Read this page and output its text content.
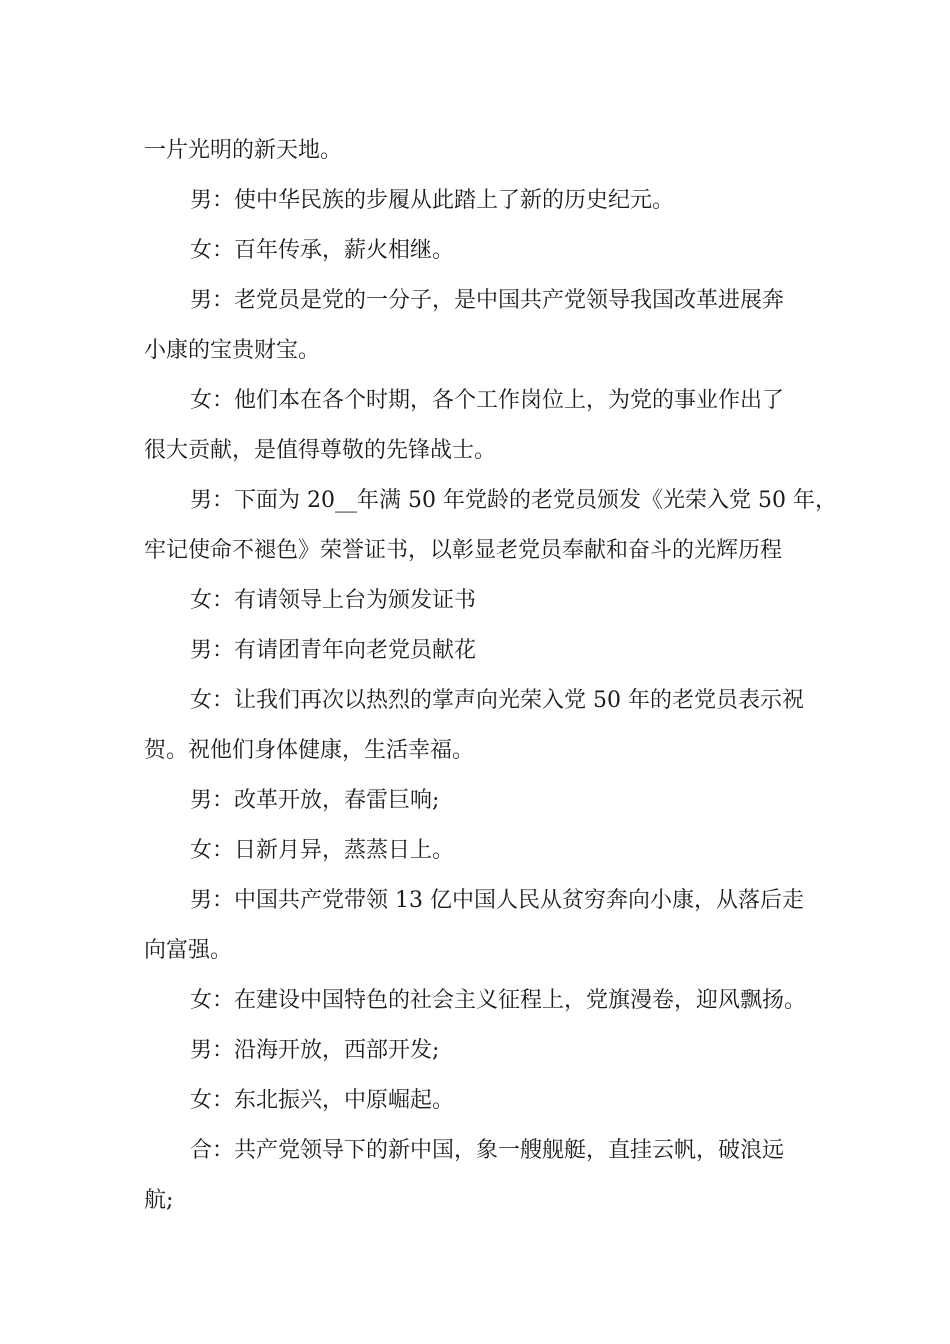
一片光明的新天地。

男：使中华民族的步履从此踏上了新的历史纪元。

女：百年传承，薪火相继。

男：老党员是党的一分子，是中国共产党领导我国改革进展奔
小康的宝贵财宝。

女：他们本在各个时期，各个工作岗位上，为党的事业作出了
很大贡献，是值得尊敬的先锋战士。

男：下面为 20__年满 50 年党龄的老党员颁发《光荣入党 50 年，
牢记使命不褪色》荣誉证书，以彰显老党员奉献和奋斗的光辉历程

女：有请领导上台为颁发证书

男：有请团青年向老党员献花

女：让我们再次以热烈的掌声向光荣入党 50 年的老党员表示祝
贺。祝他们身体健康，生活幸福。

男：改革开放，春雷巨响;

女：日新月异，蒸蒸日上。

男：中国共产党带领 13 亿中国人民从贫穷奔向小康，从落后走
向富强。

女：在建设中国特色的社会主义征程上，党旗漫卷，迎风飘扬。

男：沿海开放，西部开发;

女：东北振兴，中原崛起。

合：共产党领导下的新中国，象一艘舰艇，直挂云帆，破浪远
航;
